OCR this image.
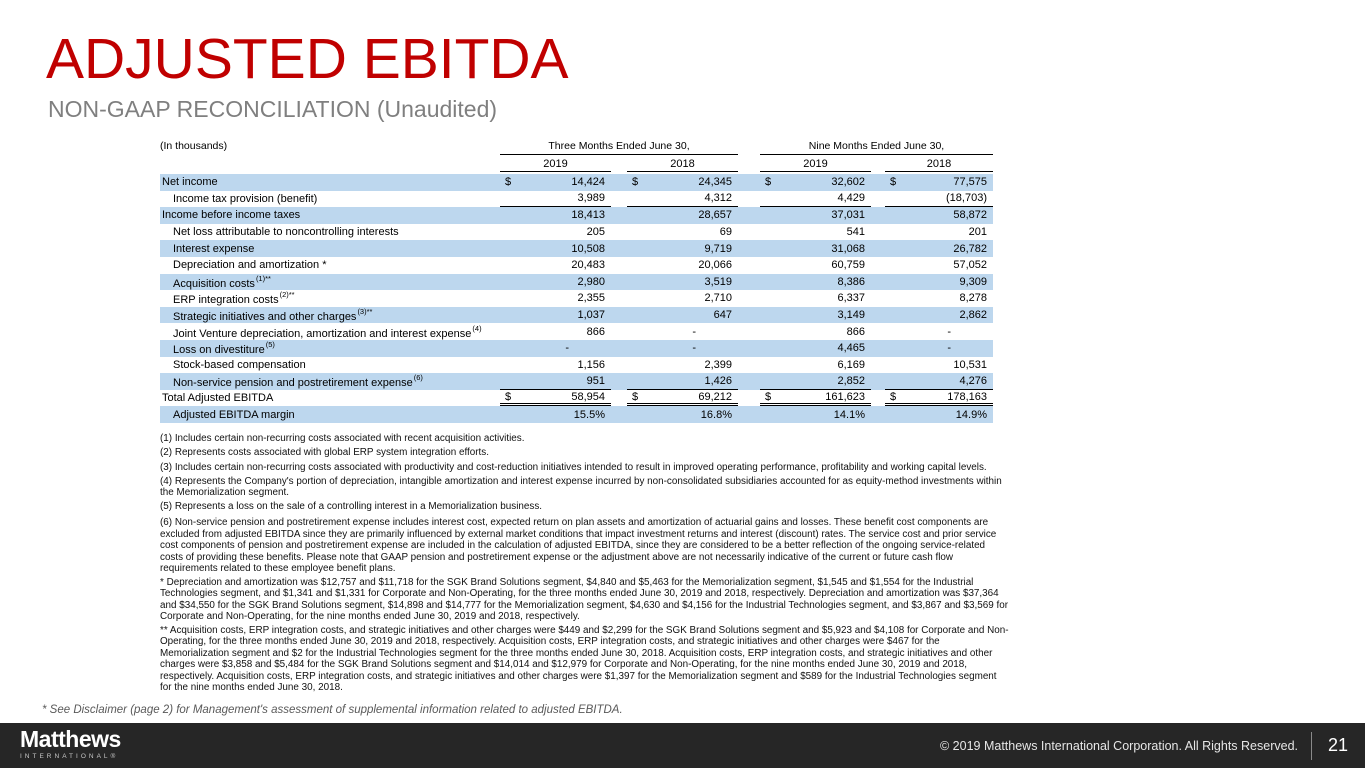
ADJUSTED EBITDA
NON-GAAP RECONCILIATION (Unaudited)
(In thousands)	Three Months Ended June 30,	Nine Months Ended June 30,
2019	2018	2019	2018
Net income	$	14,424 $	24,345	$	32,602 $	77,575
Income tax provision (benefit)	3,989	4,312	4,429	(18,703)
Income before income taxes	18,413	28,657	37,031	58,872
Net loss attributable to noncontrolling interests	205	69	541	201
Interest expense	10,508	9,719	31,068	26,782
Depreciation and amortization *	20,483	20,066	60,759	57,052
Acquisition costs$^{(1)**}$	2,980	3,519	8,386	9,309
ERP integration costs$^{(2)**}$	2,355	2,710	6,337	8,278
Strategic initiatives and other charges$^{(3)**}$	1,037	647	3,149	2,862
Joint Venture depreciation, amortization and interest expense$^{(4)}$	866	-	866	-
Loss on divestiture$^{(5)}$	-	-	4,465	-
Stock-based compensation	1,156	2,399	6,169	10,531
Non-service pension and postretirement expense$^{(6)}$	951	1,426	2,852	4,276
Total Adjusted EBITDA	$	58,954 $	69,212	$	161,623 $	178,163
Adjusted EBITDA margin	15.5%	16.8%	14.1%	14.9%

(1) Includes certain non-recurring costs associated with recent acquisition activities.

(2) Represents costs associated with global ERP system integration efforts.

(3) Includes certain non-recurring costs associated with productivity and cost-reduction initiatives intended to result in improved operating performance, profitability and working capital levels.

(4) Represents the Company's portion of depreciation, intangible amortization and interest expense incurred by non-consolidated subsidiaries accounted for as equity-method investments within the Memorialization segment.

(5) Represents a loss on the sale of a controlling interest in a Memorialization business.

(6) Non-service pension and postretirement expense includes interest cost, expected return on plan assets and amortization of actuarial gains and losses. These benefit cost components are excluded from adjusted EBITDA since they are primarily influenced by external market conditions that impact investment returns and interest (discount) rates. The service cost and prior service cost components of pension and postretirement expense are included in the calculation of adjusted EBITDA, since they are considered to be a better reflection of the ongoing service-related costs of providing these benefits. Please note that GAAP pension and postretirement expense or the adjustment above are not necessarily indicative of the current or future cash flow requirements related to these employee benefit plans.

* Depreciation and amortization was $12,757 and $11,718 for the SGK Brand Solutions segment, $4,840 and $5,463 for the Memorialization segment, $1,545 and $1,554 for the Industrial Technologies segment, and $1,341 and $1,331 for Corporate and Non-Operating, for the three months ended June 30, 2019 and 2018, respectively. Depreciation and amortization was $37,364 and $34,550 for the SGK Brand Solutions segment, $14,898 and $14,777 for the Memorialization segment, $4,630 and $4,156 for the Industrial Technologies segment, and $3,867 and $3,569 for Corporate and Non-Operating, for the nine months ended June 30, 2019 and 2018, respectively.

** Acquisition costs, ERP integration costs, and strategic initiatives and other charges were $449 and $2,299 for the SGK Brand Solutions segment and $5,923 and $4,108 for Corporate and Non-Operating, for the three months ended June 30, 2019 and 2018, respectively. Acquisition costs, ERP integration costs, and strategic initiatives and other charges were $467 for the Memorialization segment and $2 for the Industrial Technologies segment for the three months ended June 30, 2018. Acquisition costs, ERP integration costs, and strategic initiatives and other charges were $3,858 and $5,484 for the SGK Brand Solutions segment and $14,014 and $12,979 for Corporate and Non-Operating, for the nine months ended June 30, 2019 and 2018, respectively. Acquisition costs, ERP integration costs, and strategic initiatives and other charges were $1,397 for the Memorialization segment and $589 for the Industrial Technologies segment for the nine months ended June 30, 2018.

* See Disclaimer (page 2) for Management's assessment of supplemental information related to adjusted EBITDA.
Matthews
INTERNATIONAL®
© 2019 Matthews International Corporation. All Rights Reserved. 21
